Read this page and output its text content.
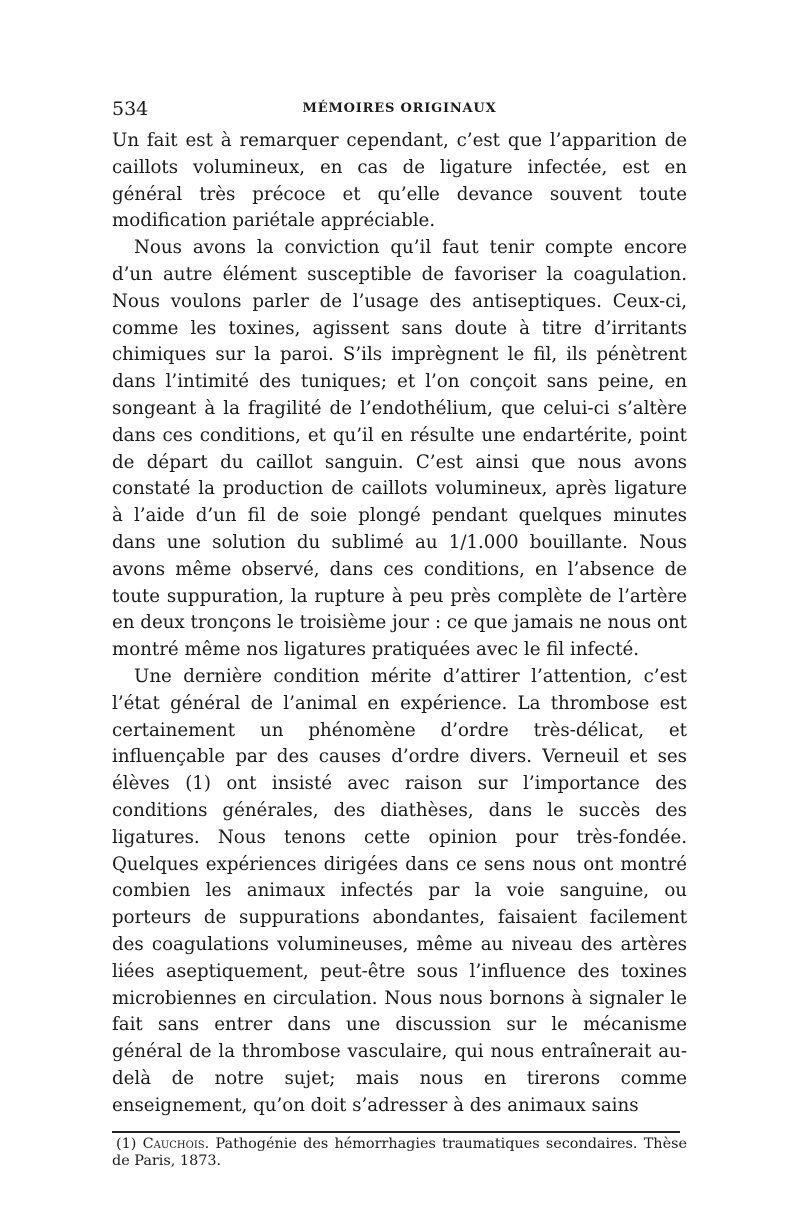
534	MÉMOIRES ORIGINAUX

Un fait est à remarquer cependant, c’est que l’apparition de caillots volumineux, en cas de ligature infectée, est en général très précoce et qu’elle devance souvent toute modification pariétale appréciable.

Nous avons la conviction qu’il faut tenir compte encore d’un autre élément susceptible de favoriser la coagulation. Nous voulons parler de l’usage des antiseptiques. Ceux-ci, comme les toxines, agissent sans doute à titre d’irritants chimiques sur la paroi. S’ils imprègnent le fil, ils pénètrent dans l’intimité des tuniques; et l’on conçoit sans peine, en songeant à la fragilité de l’endothélium, que celui-ci s’altère dans ces conditions, et qu’il en résulte une endartérite, point de départ du caillot sanguin. C’est ainsi que nous avons constaté la production de caillots volumineux, après ligature à l’aide d’un fil de soie plongé pendant quelques minutes dans une solution du sublimé au 1/1.000 bouillante. Nous avons même observé, dans ces conditions, en l’absence de toute suppuration, la rupture à peu près complète de l’artère en deux tronçons le troisième jour : ce que jamais ne nous ont montré même nos ligatures pratiquées avec le fil infecté.

Une dernière condition mérite d’attirer l’attention, c’est l’état général de l’animal en expérience. La thrombose est certainement un phénomène d’ordre très-délicat, et influençable par des causes d’ordre divers. Verneuil et ses élèves (1) ont insisté avec raison sur l’importance des conditions générales, des diathèses, dans le succès des ligatures. Nous tenons cette opinion pour très-fondée. Quelques expériences dirigées dans ce sens nous ont montré combien les animaux infectés par la voie sanguine, ou porteurs de suppurations abondantes, faisaient facilement des coagulations volumineuses, même au niveau des artères liées aseptiquement, peut-être sous l’influence des toxines microbiennes en circulation. Nous nous bornons à signaler le fait sans entrer dans une discussion sur le mécanisme général de la thrombose vasculaire, qui nous entraînerait au-delà de notre sujet; mais nous en tirerons comme enseignement, qu’on doit s’adresser à des animaux sains

(1) Cauchois. Pathogénie des hémorrhagies traumatiques secondaires. Thèse de Paris, 1873.
